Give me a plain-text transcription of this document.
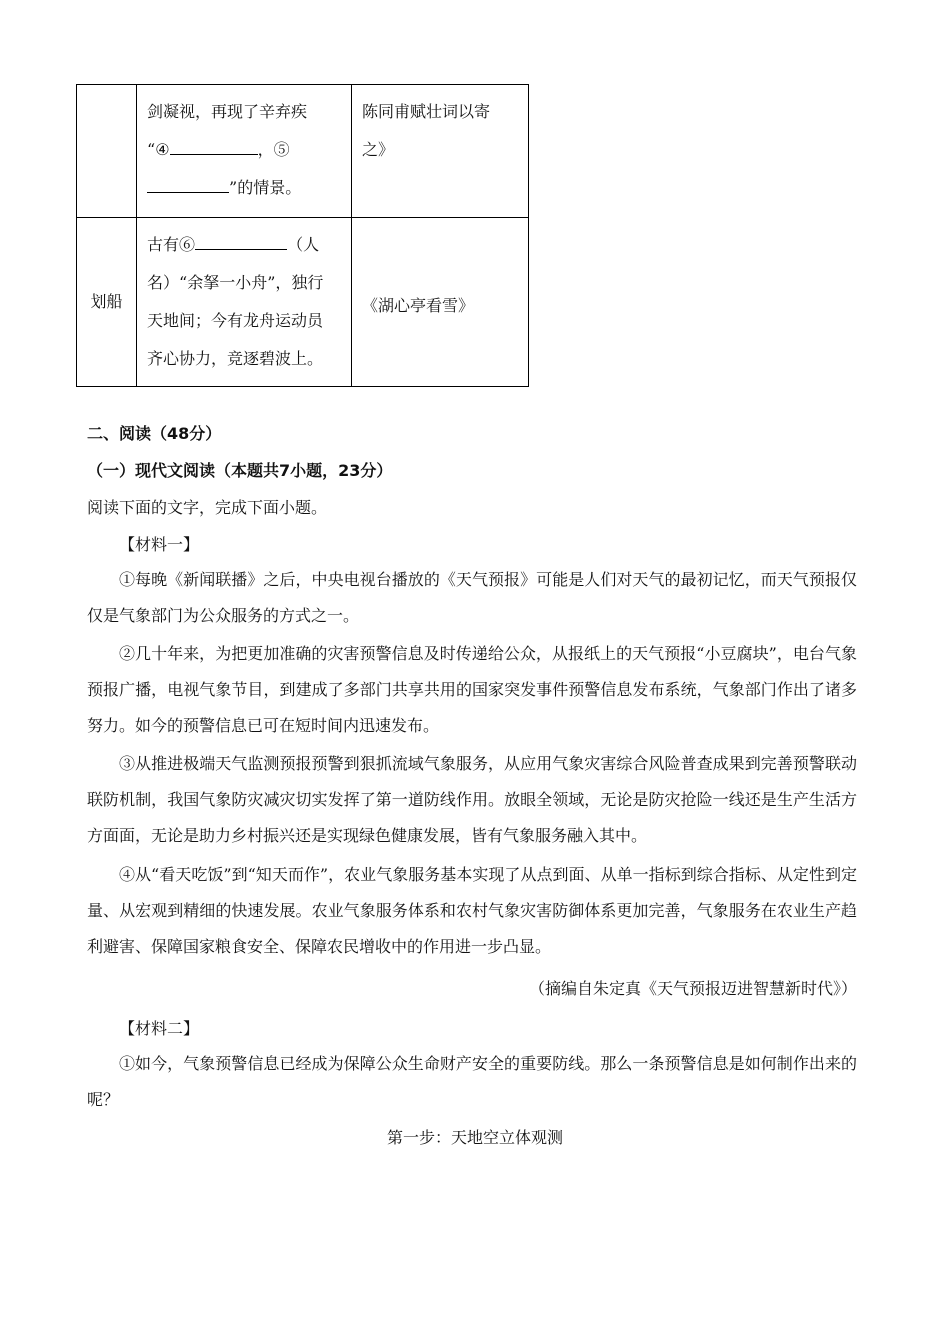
	剑凝视，再现了辛弃疾
“④ ，⑤
”的情景。	陈同甫赋壮词以寄
之》
划船	古有⑥ （人
名）“余拏一小舟”，独行
天地间；今有龙舟运动员
齐心协力，竞逐碧波上。	《湖心亭看雪》
二、阅读（48分）
（一）现代文阅读（本题共7小题，23分）
阅读下面的文字，完成下面小题。
【材料一】
①每晚《新闻联播》之后，中央电视台播放的《天气预报》可能是人们对天气的最初记忆，而天气预报仅仅是气象部门为公众服务的方式之一。
②几十年来，为把更加准确的灾害预警信息及时传递给公众，从报纸上的天气预报“小豆腐块”，电台气象预报广播，电视气象节目，到建成了多部门共享共用的国家突发事件预警信息发布系统，气象部门作出了诸多努力。如今的预警信息已可在短时间内迅速发布。
③从推进极端天气监测预报预警到狠抓流域气象服务，从应用气象灾害综合风险普查成果到完善预警联动联防机制，我国气象防灾减灾切实发挥了第一道防线作用。放眼全领域，无论是防灾抢险一线还是生产生活方方面面，无论是助力乡村振兴还是实现绿色健康发展，皆有气象服务融入其中。
④从“看天吃饭”到“知天而作”，农业气象服务基本实现了从点到面、从单一指标到综合指标、从定性到定量、从宏观到精细的快速发展。农业气象服务体系和农村气象灾害防御体系更加完善，气象服务在农业生产趋利避害、保障国家粮食安全、保障农民增收中的作用进一步凸显。
（摘编自朱定真《天气预报迈进智慧新时代》）
【材料二】
①如今，气象预警信息已经成为保障公众生命财产安全的重要防线。那么一条预警信息是如何制作出来的呢？
第一步：天地空立体观测
